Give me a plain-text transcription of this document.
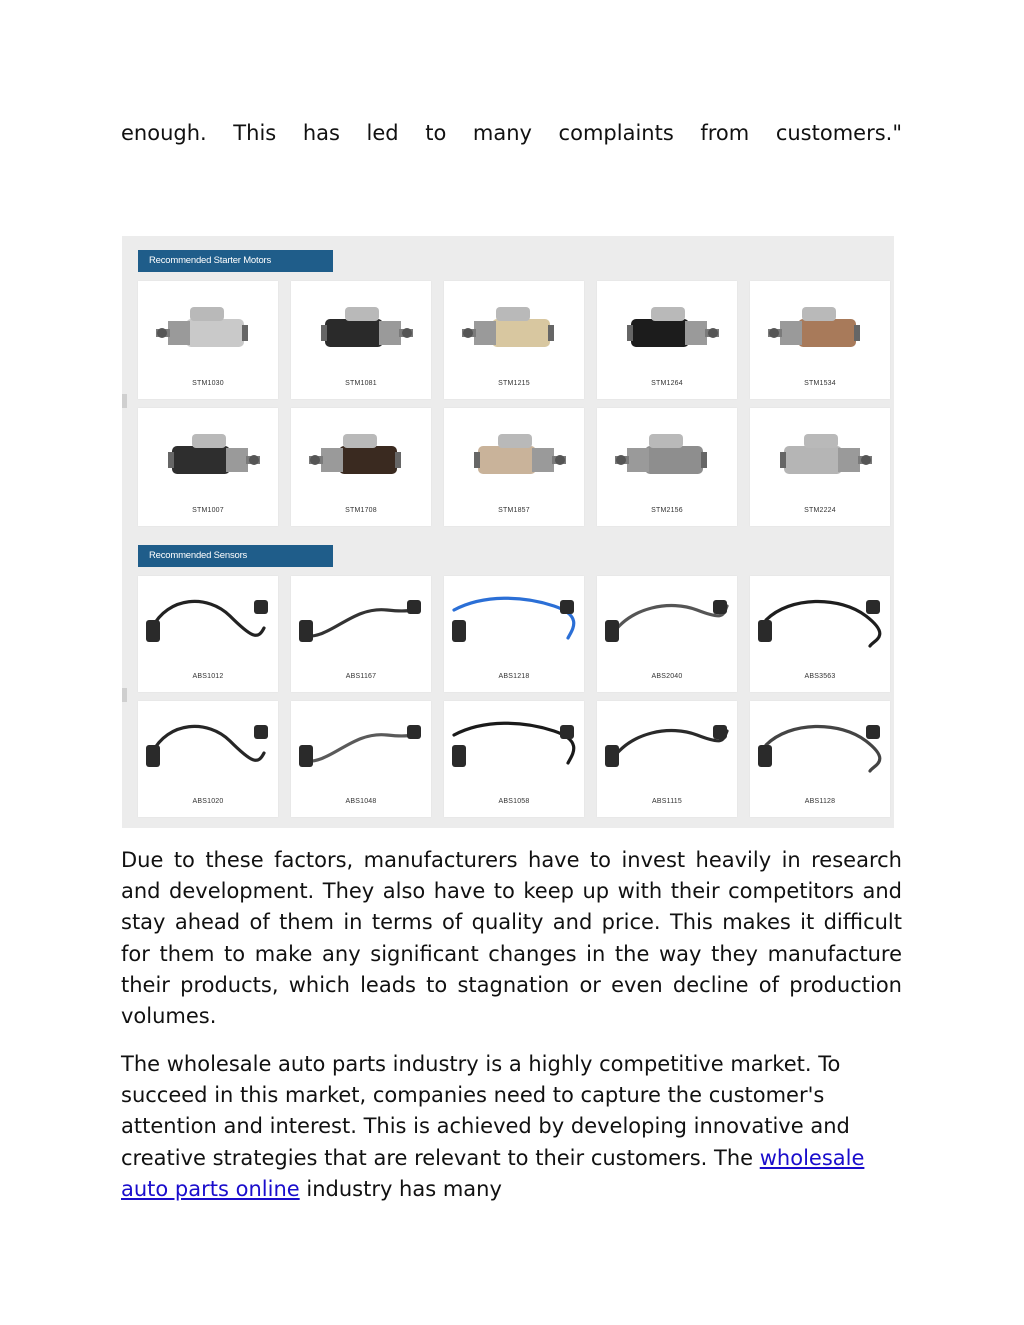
enough. This has led to many complaints from customers."

Recommended Starter Motors
STM1030	STM1081	STM1215	STM1264	STM1534
STM1007	STM1708	STM1857	STM2156	STM2224
Recommended Sensors
ABS1012	ABS1167	ABS1218	ABS2040	ABS3563
ABS1020	ABS1048	ABS1058	ABS1115	ABS1128

Due to these factors, manufacturers have to invest heavily in research and development. They also have to keep up with their competitors and stay ahead of them in terms of quality and price. This makes it difficult for them to make any significant changes in the way they manufacture their products, which leads to stagnation or even decline of production volumes.

The wholesale auto parts industry is a highly competitive market. To succeed in this market, companies need to capture the customer's attention and interest. This is achieved by developing innovative and creative strategies that are relevant to their customers. The wholesale auto parts online industry has many
